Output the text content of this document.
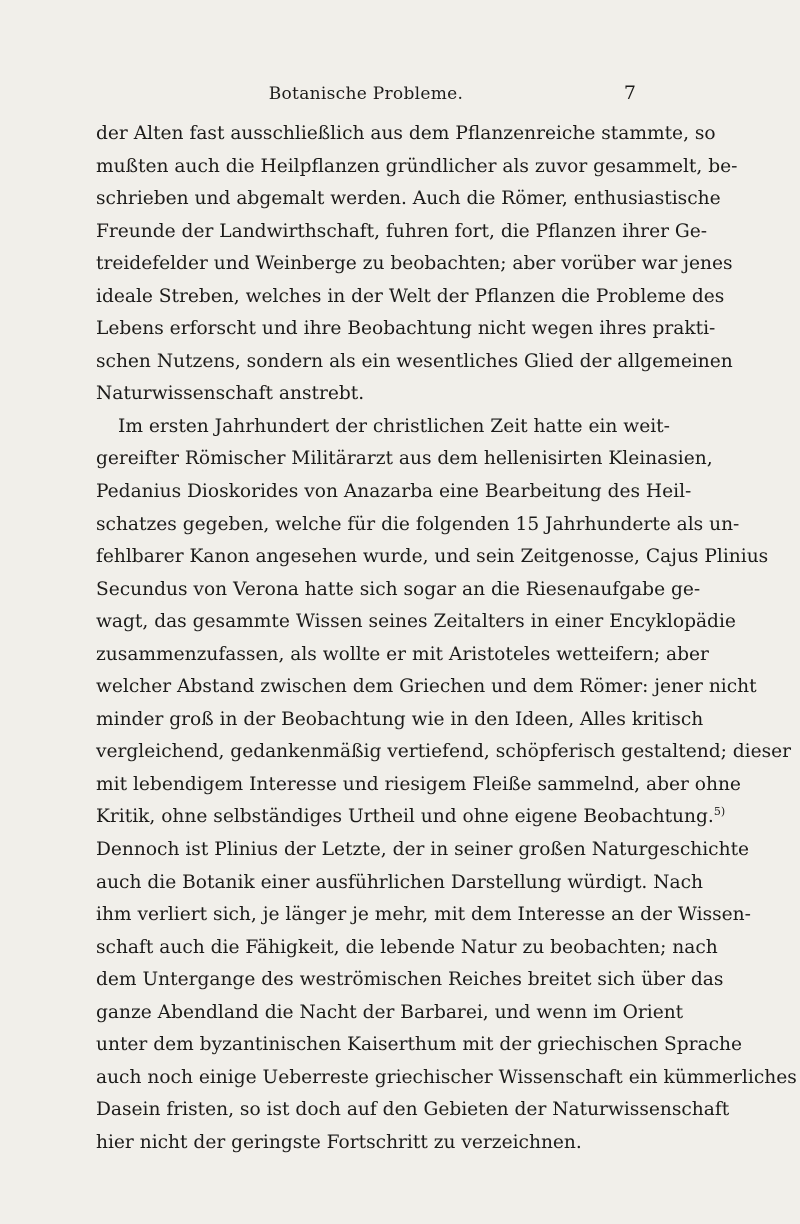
Botanische Probleme.	7
der Alten fast ausschließlich aus dem Pflanzenreiche stammte, so
mußten auch die Heilpflanzen gründlicher als zuvor gesammelt, be-
schrieben und abgemalt werden. Auch die Römer, enthusiastische
Freunde der Landwirthschaft, fuhren fort, die Pflanzen ihrer Ge-
treidefelder und Weinberge zu beobachten; aber vorüber war jenes
ideale Streben, welches in der Welt der Pflanzen die Probleme des
Lebens erforscht und ihre Beobachtung nicht wegen ihres prakti-
schen Nutzens, sondern als ein wesentliches Glied der allgemeinen
Naturwissenschaft anstrebt.
Im ersten Jahrhundert der christlichen Zeit hatte ein weit-
gereifter Römischer Militärarzt aus dem hellenisirten Kleinasien,
Pedanius Dioskorides von Anazarba eine Bearbeitung des Heil-
schatzes gegeben, welche für die folgenden 15 Jahrhunderte als un-
fehlbarer Kanon angesehen wurde, und sein Zeitgenosse, Cajus Plinius
Secundus von Verona hatte sich sogar an die Riesenaufgabe ge-
wagt, das gesammte Wissen seines Zeitalters in einer Encyklopädie
zusammenzufassen, als wollte er mit Aristoteles wetteifern; aber
welcher Abstand zwischen dem Griechen und dem Römer: jener nicht
minder groß in der Beobachtung wie in den Ideen, Alles kritisch
vergleichend, gedankenmäßig vertiefend, schöpferisch gestaltend; dieser
mit lebendigem Interesse und riesigem Fleiße sammelnd, aber ohne
Kritik, ohne selbständiges Urtheil und ohne eigene Beobachtung.$^{5)}$
Dennoch ist Plinius der Letzte, der in seiner großen Naturgeschichte
auch die Botanik einer ausführlichen Darstellung würdigt. Nach
ihm verliert sich, je länger je mehr, mit dem Interesse an der Wissen-
schaft auch die Fähigkeit, die lebende Natur zu beobachten; nach
dem Untergange des weströmischen Reiches breitet sich über das
ganze Abendland die Nacht der Barbarei, und wenn im Orient
unter dem byzantinischen Kaiserthum mit der griechischen Sprache
auch noch einige Ueberreste griechischer Wissenschaft ein kümmerliches
Dasein fristen, so ist doch auf den Gebieten der Naturwissenschaft
hier nicht der geringste Fortschritt zu verzeichnen.
